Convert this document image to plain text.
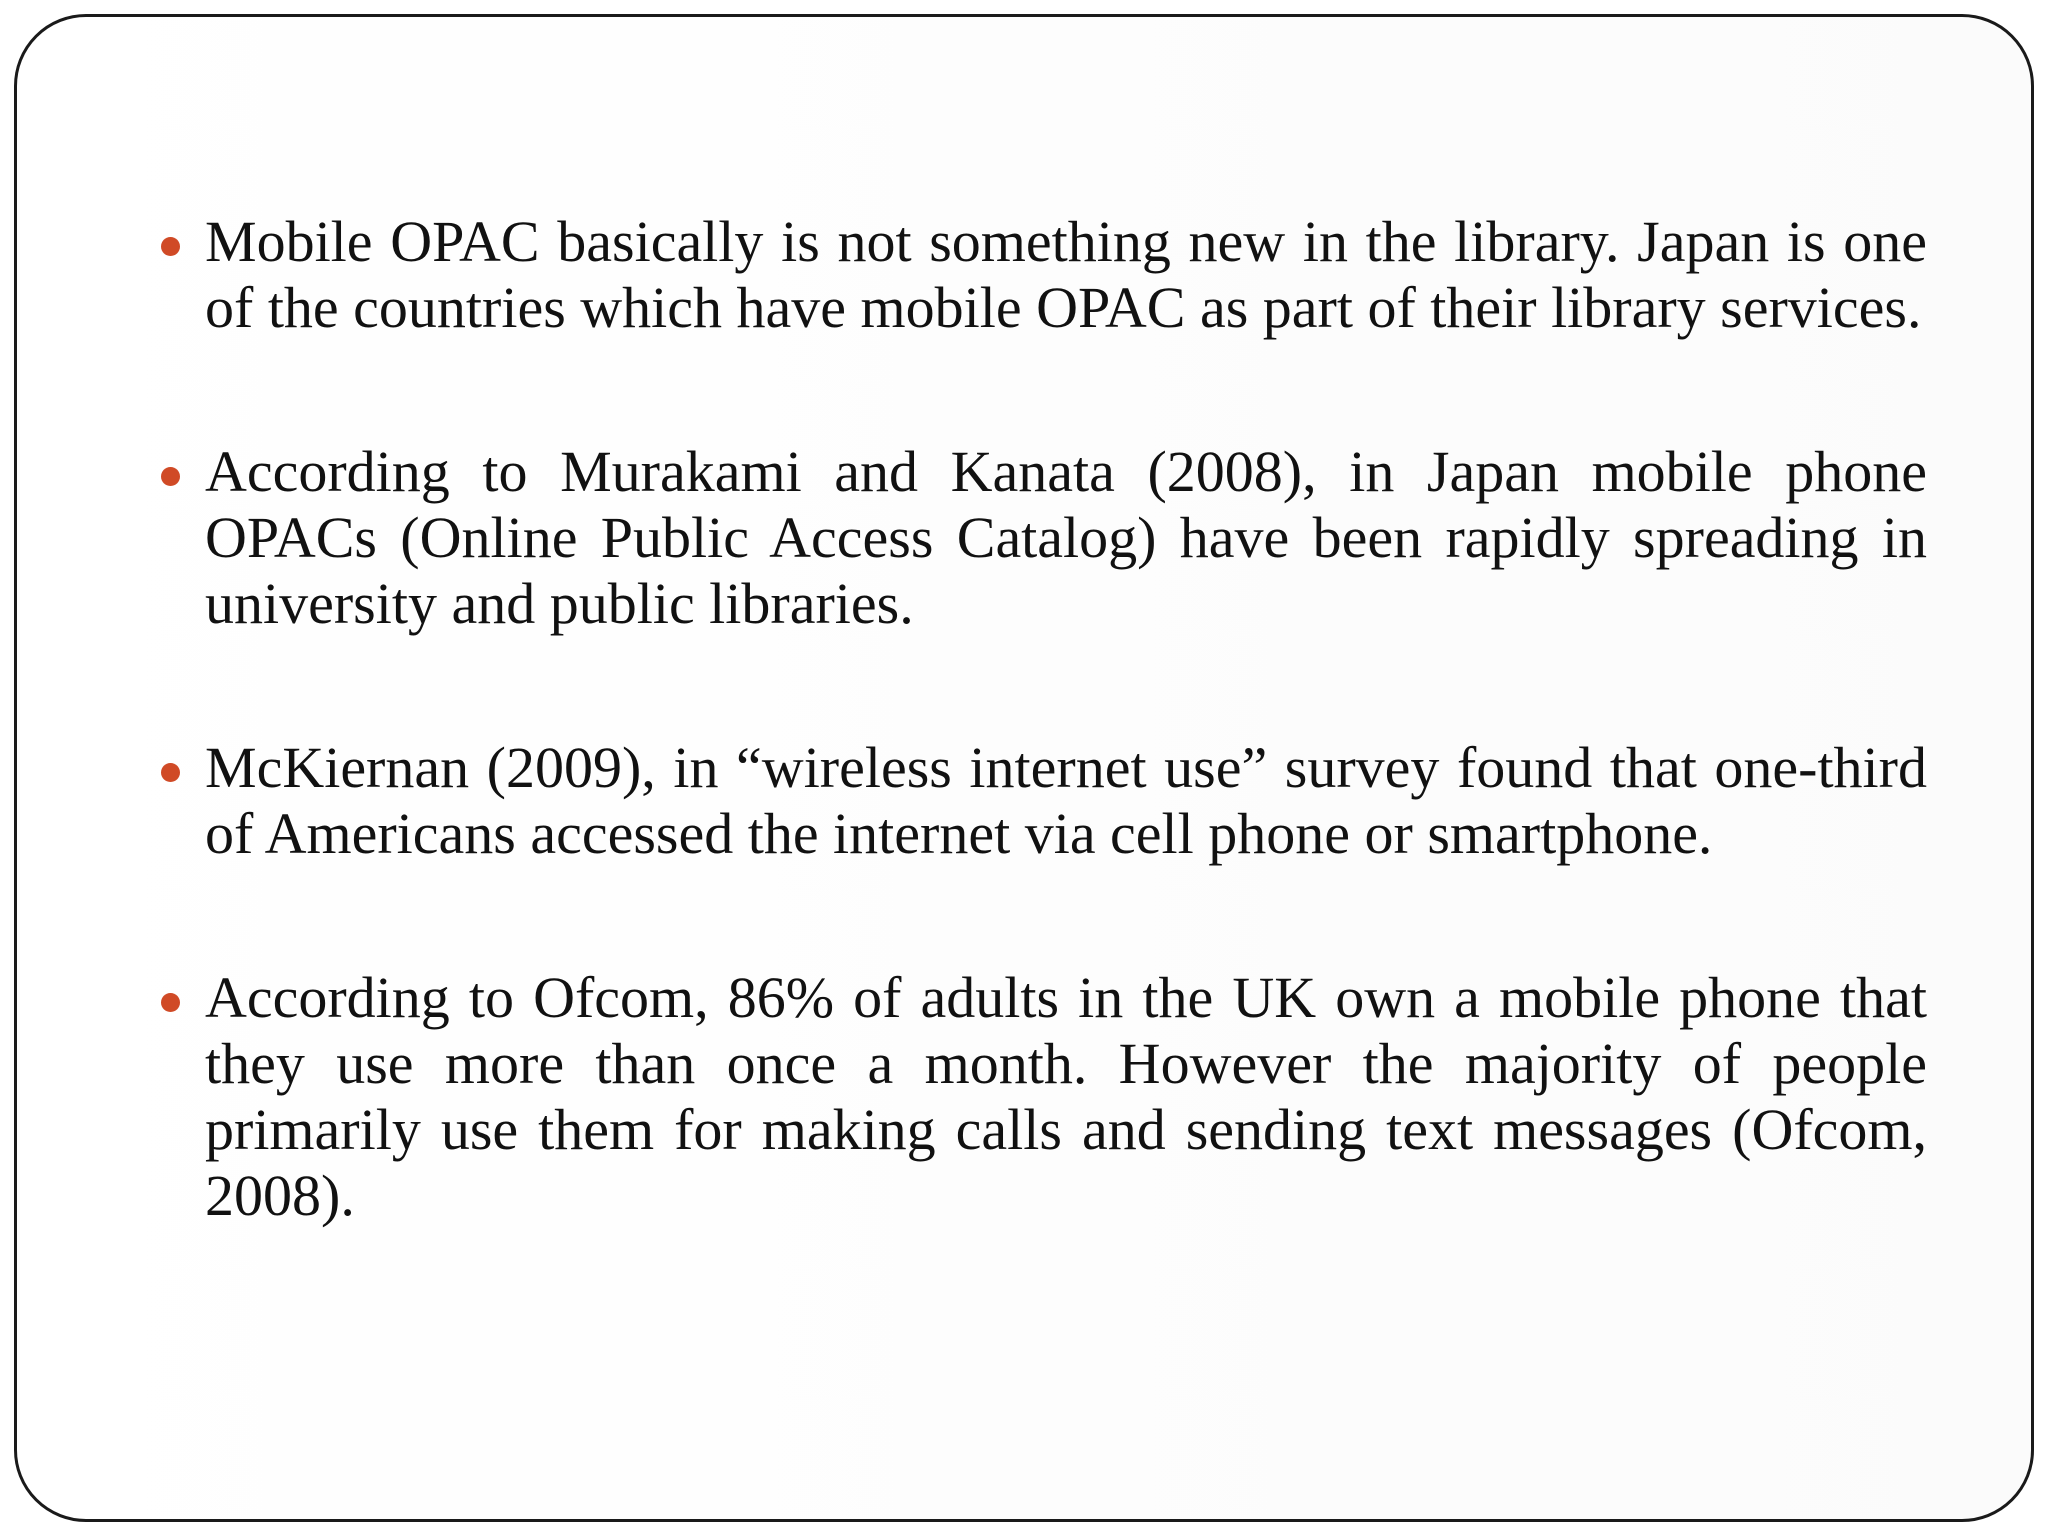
Mobile OPAC basically is not something new in the library. Japan is one of the countries which have mobile OPAC as part of their library services.
According to Murakami and Kanata (2008), in Japan mobile phone OPACs (Online Public Access Catalog) have been rapidly spreading in university and public libraries.
McKiernan (2009), in “wireless internet use” survey found that one-third of Americans accessed the internet via cell phone or smartphone.
According to Ofcom, 86% of adults in the UK own a mobile phone that they use more than once a month. However the majority of people primarily use them for making calls and sending text messages (Ofcom, 2008).
